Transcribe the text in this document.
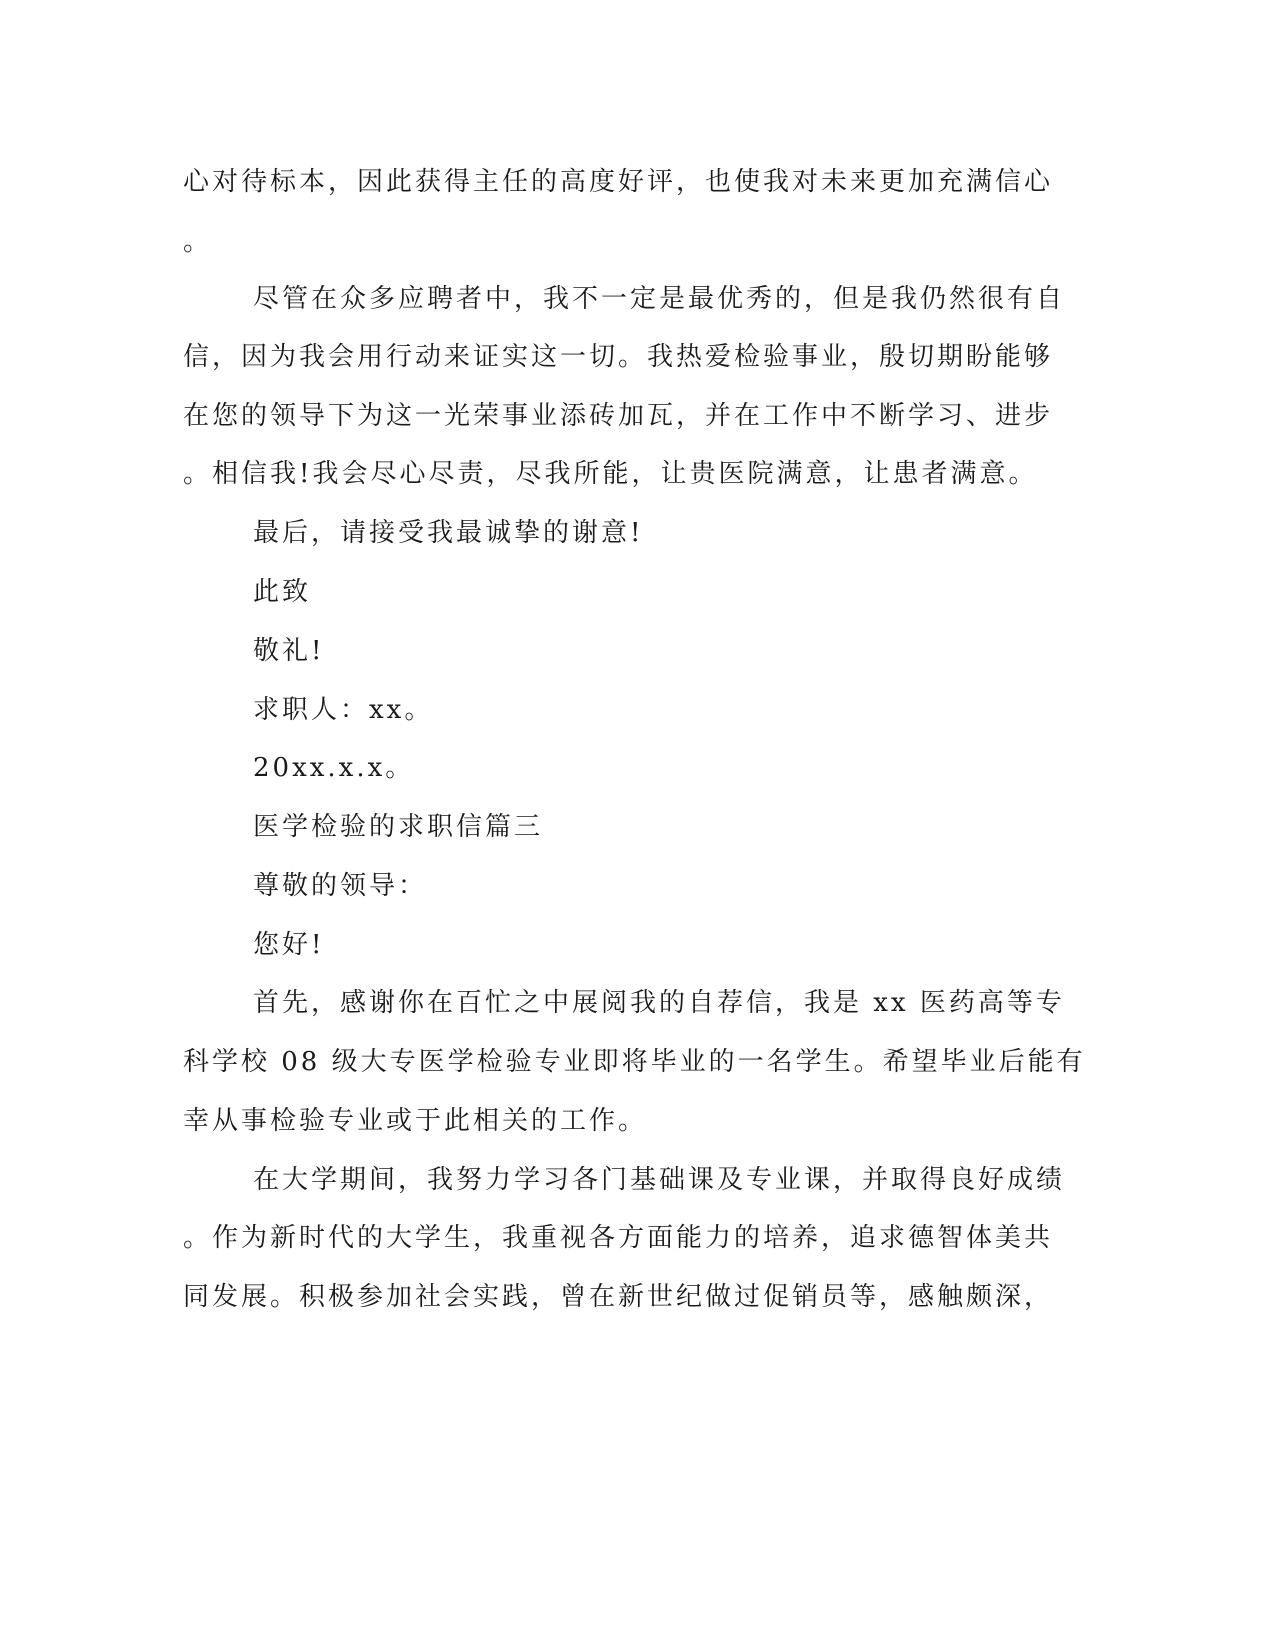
心对待标本，因此获得主任的高度好评，也使我对未来更加充满信心
。
尽管在众多应聘者中，我不一定是最优秀的，但是我仍然很有自
信，因为我会用行动来证实这一切。我热爱检验事业，殷切期盼能够
在您的领导下为这一光荣事业添砖加瓦，并在工作中不断学习、进步
。相信我!我会尽心尽责，尽我所能，让贵医院满意，让患者满意。
最后，请接受我最诚挚的谢意!
此致
敬礼!
求职人：xx。
20xx.x.x。
医学检验的求职信篇三
尊敬的领导：
您好!
首先，感谢你在百忙之中展阅我的自荐信，我是 xx 医药高等专
科学校 08 级大专医学检验专业即将毕业的一名学生。希望毕业后能有
幸从事检验专业或于此相关的工作。
在大学期间，我努力学习各门基础课及专业课，并取得良好成绩
。作为新时代的大学生，我重视各方面能力的培养，追求德智体美共
同发展。积极参加社会实践，曾在新世纪做过促销员等，感触颇深，
